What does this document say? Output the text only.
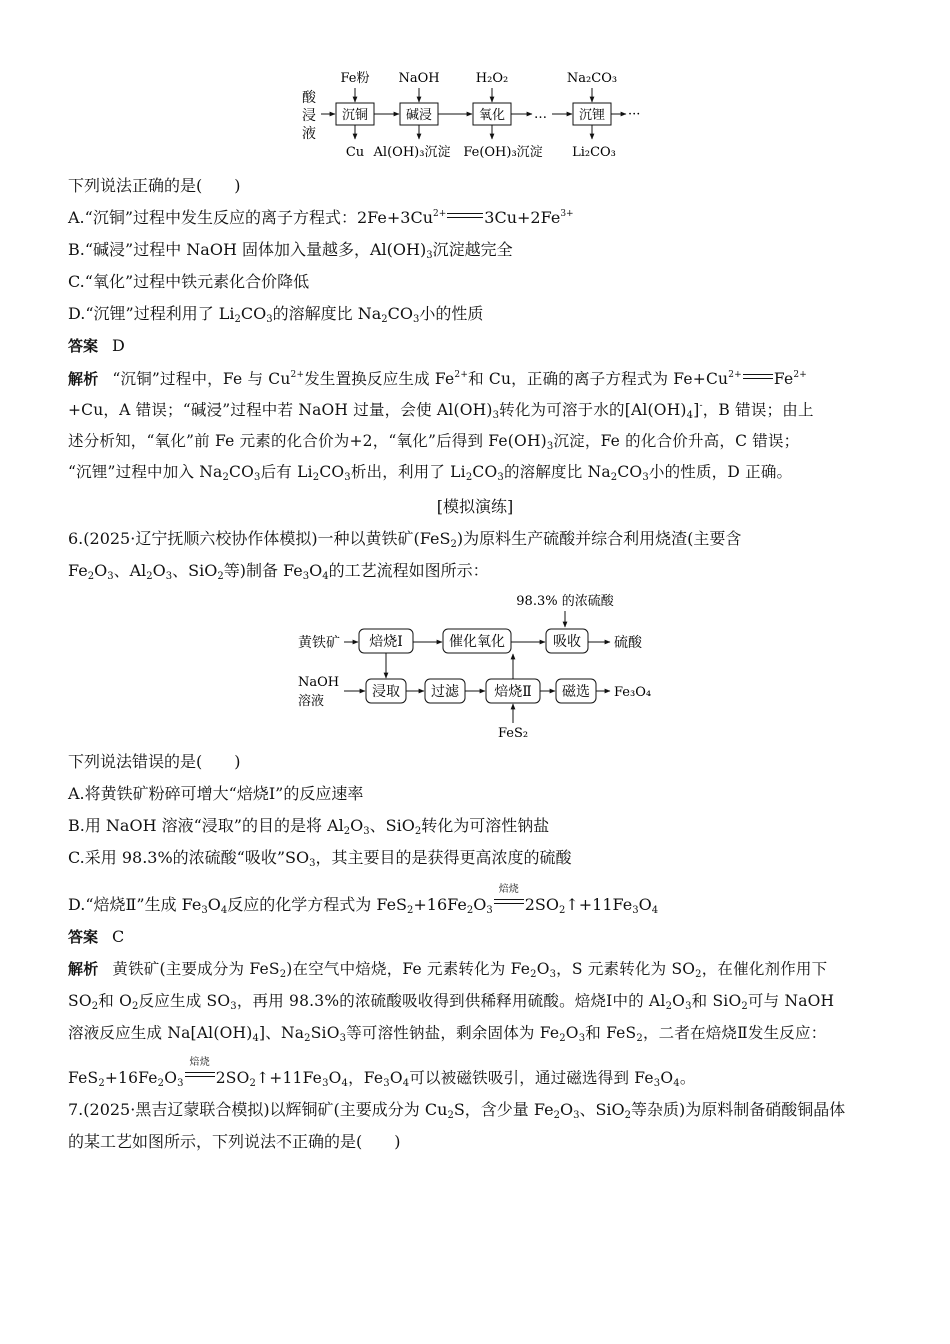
酸
浸
液
Fe粉 NaOH	H₂O₂	Na₂CO₃
沉铜	碱浸	氧化	沉锂
…	···
Cu Al(OH)₃沉淀 Fe(OH)₃沉淀 Li₂CO₃
下列说法正确的是(　　)
A.“沉铜”过程中发生反应的离子方程式：$2Fe+3Cu^{2+}$ $3Cu+2Fe^{3+}$
B.“碱浸”过程中 NaOH 固体加入量越多，$Al(OH)_3$沉淀越完全
C.“氧化”过程中铁元素化合价降低
D.“沉锂”过程利用了 $Li_2CO_3$的溶解度比 $Na_2CO_3$小的性质
答案 D
解析 “沉铜”过程中，Fe 与 $Cu^{2+}$发生置换反应生成 $Fe^{2+}$和 Cu，正确的离子方程式为 $Fe+Cu^{2+}$ $Fe^{2+}$
+Cu，A 错误；“碱浸”过程中若 NaOH 过量，会使 $Al(OH)_3$转化为可溶于水的$[Al(OH)_4]^-$，B 错误；由上
述分析知，“氧化”前 Fe 元素的化合价为+2，“氧化”后得到 $Fe(OH)_3$沉淀，Fe 的化合价升高，C 错误；
“沉锂”过程中加入 $Na_2CO_3$后有 $Li_2CO_3$析出，利用了 $Li_2CO_3$的溶解度比 $Na_2CO_3$小的性质，D 正确。
[模拟演练]
6.(2025·辽宁抚顺六校协作体模拟)一种以黄铁矿(FeS$_2$)为原料生产硫酸并综合利用烧渣(主要含
$Fe_2O_3$、$Al_2O_3$、SiO$_2$等)制备 $Fe_3O_4$的工艺流程如图所示：
98.3% 的浓硫酸
黄铁矿 焙烧Ⅰ	催化氧化	吸收 硫酸
NaOH
溶液
浸取 过滤	焙烧Ⅱ 磁选 Fe₃O₄
FeS₂
下列说法错误的是(　　)
A.将黄铁矿粉碎可增大“焙烧Ⅰ”的反应速率
B.用 NaOH 溶液“浸取”的目的是将 $Al_2O_3$、SiO$_2$转化为可溶性钠盐
C.采用 98.3%的浓硫酸“吸收$”SO_3$，其主要目的是获得更高浓度的硫酸
D.“焙烧Ⅱ”生成 $Fe_3O_4$反应的化学方程式为 $FeS_2+16Fe_2O_3$
焙烧
$2SO_2↑+11Fe_3O_4$
答案 C
解析 黄铁矿(主要成分为 FeS$_2$)在空气中焙烧，Fe 元素转化为 $Fe_2O_3$，S 元素转化为 $SO_2$，在催化剂作用下
$SO_2$和 $O_2$反应生成 $SO_3$，再用 98.3%的浓硫酸吸收得到供稀释用硫酸。焙烧Ⅰ中的 $Al_2O_3$和 SiO$_2$可与 NaOH
溶液反应生成 $Na[Al(OH)_4]$、$Na_2SiO_3$等可溶性钠盐，剩余固体为 $Fe_2O_3$和 FeS$_2$，二者在焙烧Ⅱ发生反应：
$FeS_2+16Fe_2O_3$
焙烧
$2SO_2↑+11Fe_3O_4$，$Fe_3O_4$可以被磁铁吸引，通过磁选得到 $Fe_3O_4$。
7.(2025·黑吉辽蒙联合模拟)以辉铜矿(主要成分为 $Cu_2S$，含少量 $Fe_2O_3$、SiO$_2$等杂质)为原料制备硝酸铜晶体
的某工艺如图所示，下列说法不正确的是(　　)
